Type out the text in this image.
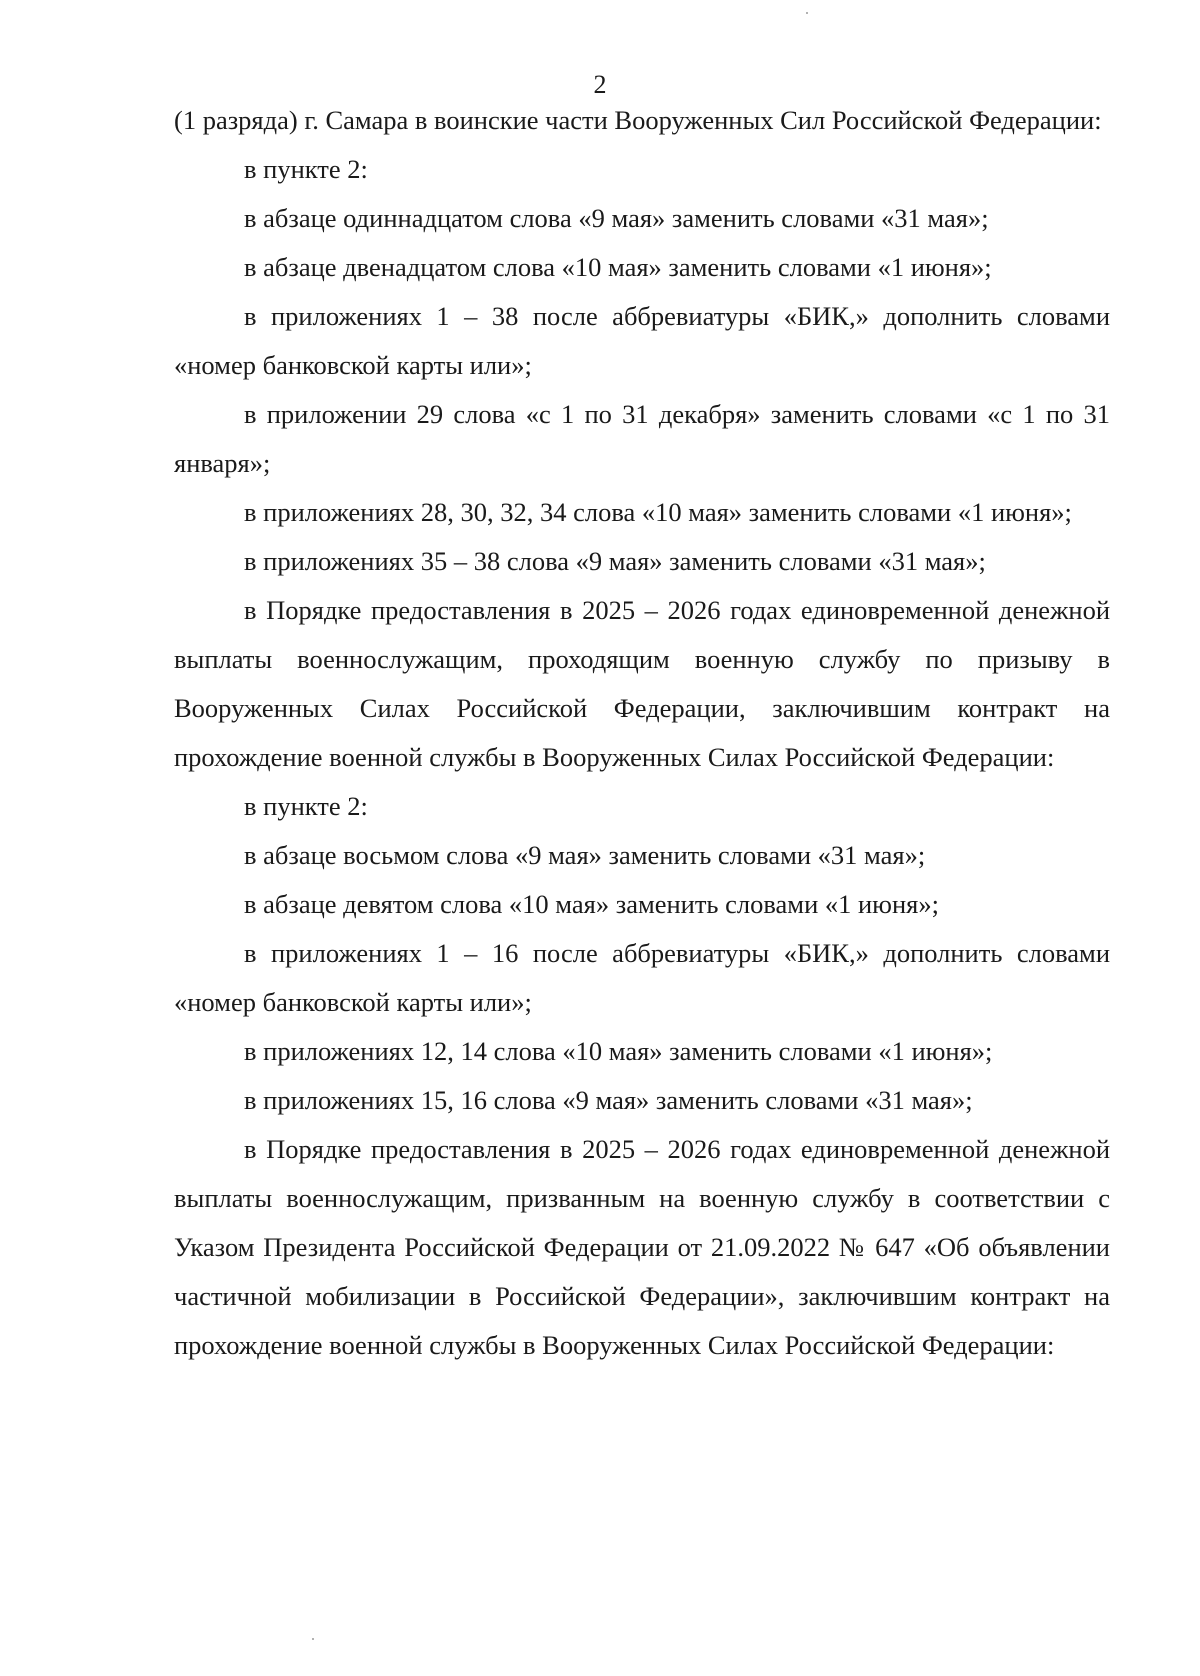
2

(1 разряда) г. Самара в воинские части Вооруженных Сил Российской Федерации:

в пункте 2:

в абзаце одиннадцатом слова «9 мая» заменить словами «31 мая»;

в абзаце двенадцатом слова «10 мая» заменить словами «1 июня»;

в приложениях 1 – 38 после аббревиатуры «БИК,» дополнить словами «номер банковской карты или»;

в приложении 29 слова «с 1 по 31 декабря» заменить словами «с 1 по 31 января»;

в приложениях 28, 30, 32, 34 слова «10 мая» заменить словами «1 июня»;

в приложениях 35 – 38 слова «9 мая» заменить словами «31 мая»;

в Порядке предоставления в 2025 – 2026 годах единовременной денежной выплаты военнослужащим, проходящим военную службу по призыву в Вооруженных Силах Российской Федерации, заключившим контракт на прохождение военной службы в Вооруженных Силах Российской Федерации:

в пункте 2:

в абзаце восьмом слова «9 мая» заменить словами «31 мая»;

в абзаце девятом слова «10 мая» заменить словами «1 июня»;

в приложениях 1 – 16 после аббревиатуры «БИК,» дополнить словами «номер банковской карты или»;

в приложениях 12, 14 слова «10 мая» заменить словами «1 июня»;

в приложениях 15, 16 слова «9 мая» заменить словами «31 мая»;

в Порядке предоставления в 2025 – 2026 годах единовременной денежной выплаты военнослужащим, призванным на военную службу в соответствии с Указом Президента Российской Федерации от 21.09.2022 № 647 «Об объявлении частичной мобилизации в Российской Федерации», заключившим контракт на прохождение военной службы в Вооруженных Силах Российской Федерации:
